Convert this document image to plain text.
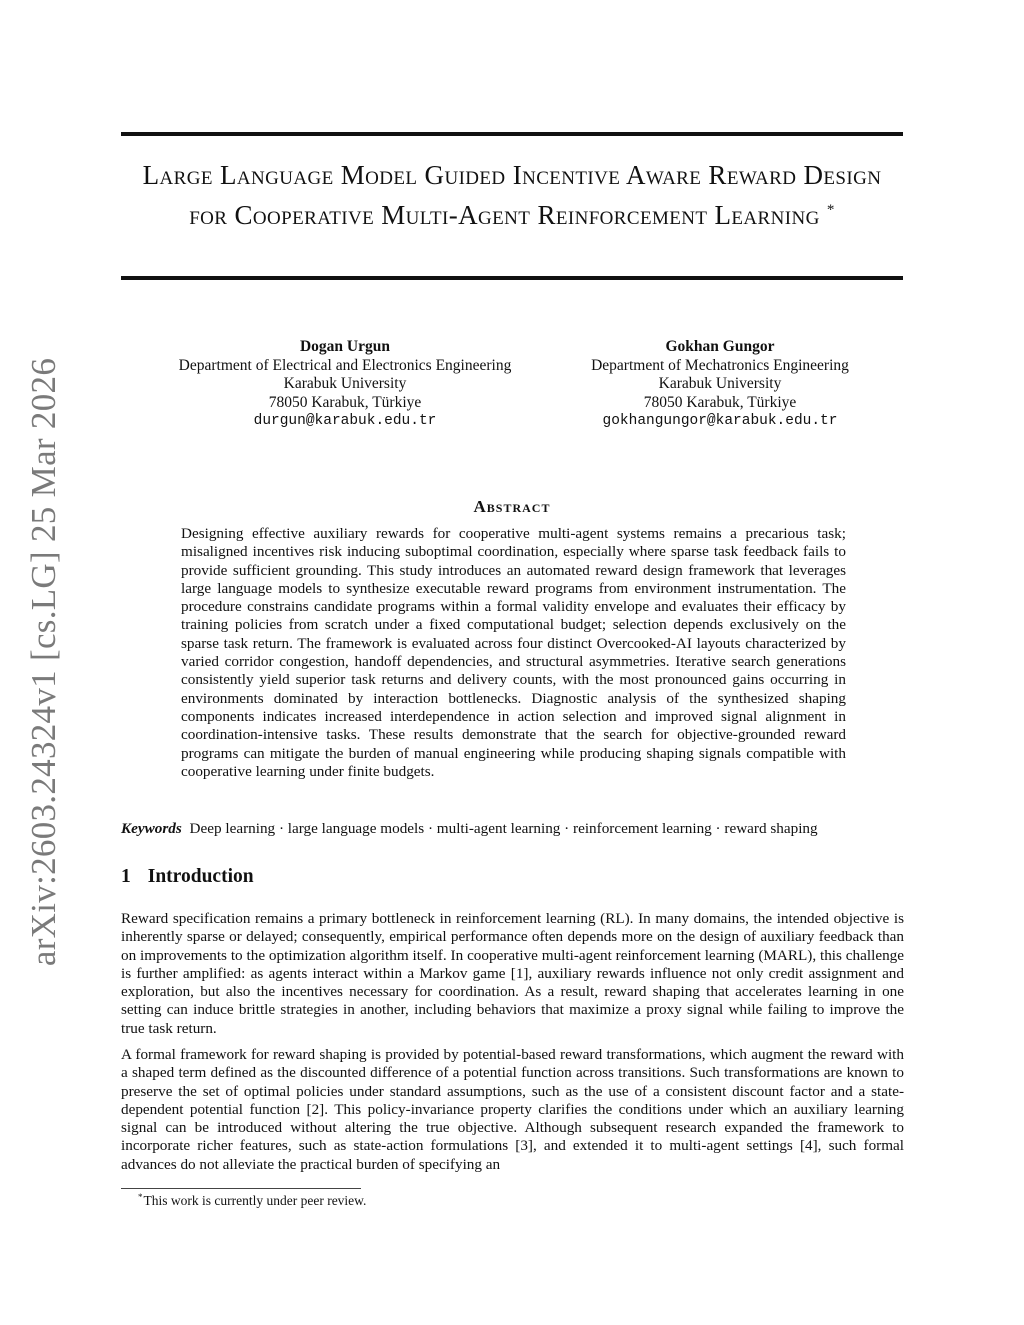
arXiv:2603.24324v1 [cs.LG] 25 Mar 2026
Large Language Model Guided Incentive Aware Reward Design for Cooperative Multi-Agent Reinforcement Learning *
Dogan Urgun
Department of Electrical and Electronics Engineering
Karabuk University
78050 Karabuk, Türkiye
durgun@karabuk.edu.tr
Gokhan Gungor
Department of Mechatronics Engineering
Karabuk University
78050 Karabuk, Türkiye
gokhangungor@karabuk.edu.tr
Abstract
Designing effective auxiliary rewards for cooperative multi-agent systems remains a precarious task; misaligned incentives risk inducing suboptimal coordination, especially where sparse task feedback fails to provide sufficient grounding. This study introduces an automated reward design framework that leverages large language models to synthesize executable reward programs from environment instrumentation. The procedure constrains candidate programs within a formal validity envelope and evaluates their efficacy by training policies from scratch under a fixed computational budget; selection depends exclusively on the sparse task return. The framework is evaluated across four distinct Overcooked-AI layouts characterized by varied corridor congestion, handoff dependencies, and structural asymmetries. Iterative search generations consistently yield superior task returns and delivery counts, with the most pronounced gains occurring in environments dominated by interaction bottlenecks. Diagnostic analysis of the synthesized shaping components indicates increased interdependence in action selection and improved signal alignment in coordination-intensive tasks. These results demonstrate that the search for objective-grounded reward programs can mitigate the burden of manual engineering while producing shaping signals compatible with cooperative learning under finite budgets.
Keywords Deep learning · large language models · multi-agent learning · reinforcement learning · reward shaping
1 Introduction
Reward specification remains a primary bottleneck in reinforcement learning (RL). In many domains, the intended objective is inherently sparse or delayed; consequently, empirical performance often depends more on the design of auxiliary feedback than on improvements to the optimization algorithm itself. In cooperative multi-agent reinforcement learning (MARL), this challenge is further amplified: as agents interact within a Markov game [1], auxiliary rewards influence not only credit assignment and exploration, but also the incentives necessary for coordination. As a result, reward shaping that accelerates learning in one setting can induce brittle strategies in another, including behaviors that maximize a proxy signal while failing to improve the true task return.
A formal framework for reward shaping is provided by potential-based reward transformations, which augment the reward with a shaped term defined as the discounted difference of a potential function across transitions. Such transformations are known to preserve the set of optimal policies under standard assumptions, such as the use of a consistent discount factor and a state-dependent potential function [2]. This policy-invariance property clarifies the conditions under which an auxiliary learning signal can be introduced without altering the true objective. Although subsequent research expanded the framework to incorporate richer features, such as state-action formulations [3], and extended it to multi-agent settings [4], such formal advances do not alleviate the practical burden of specifying an
*This work is currently under peer review.
